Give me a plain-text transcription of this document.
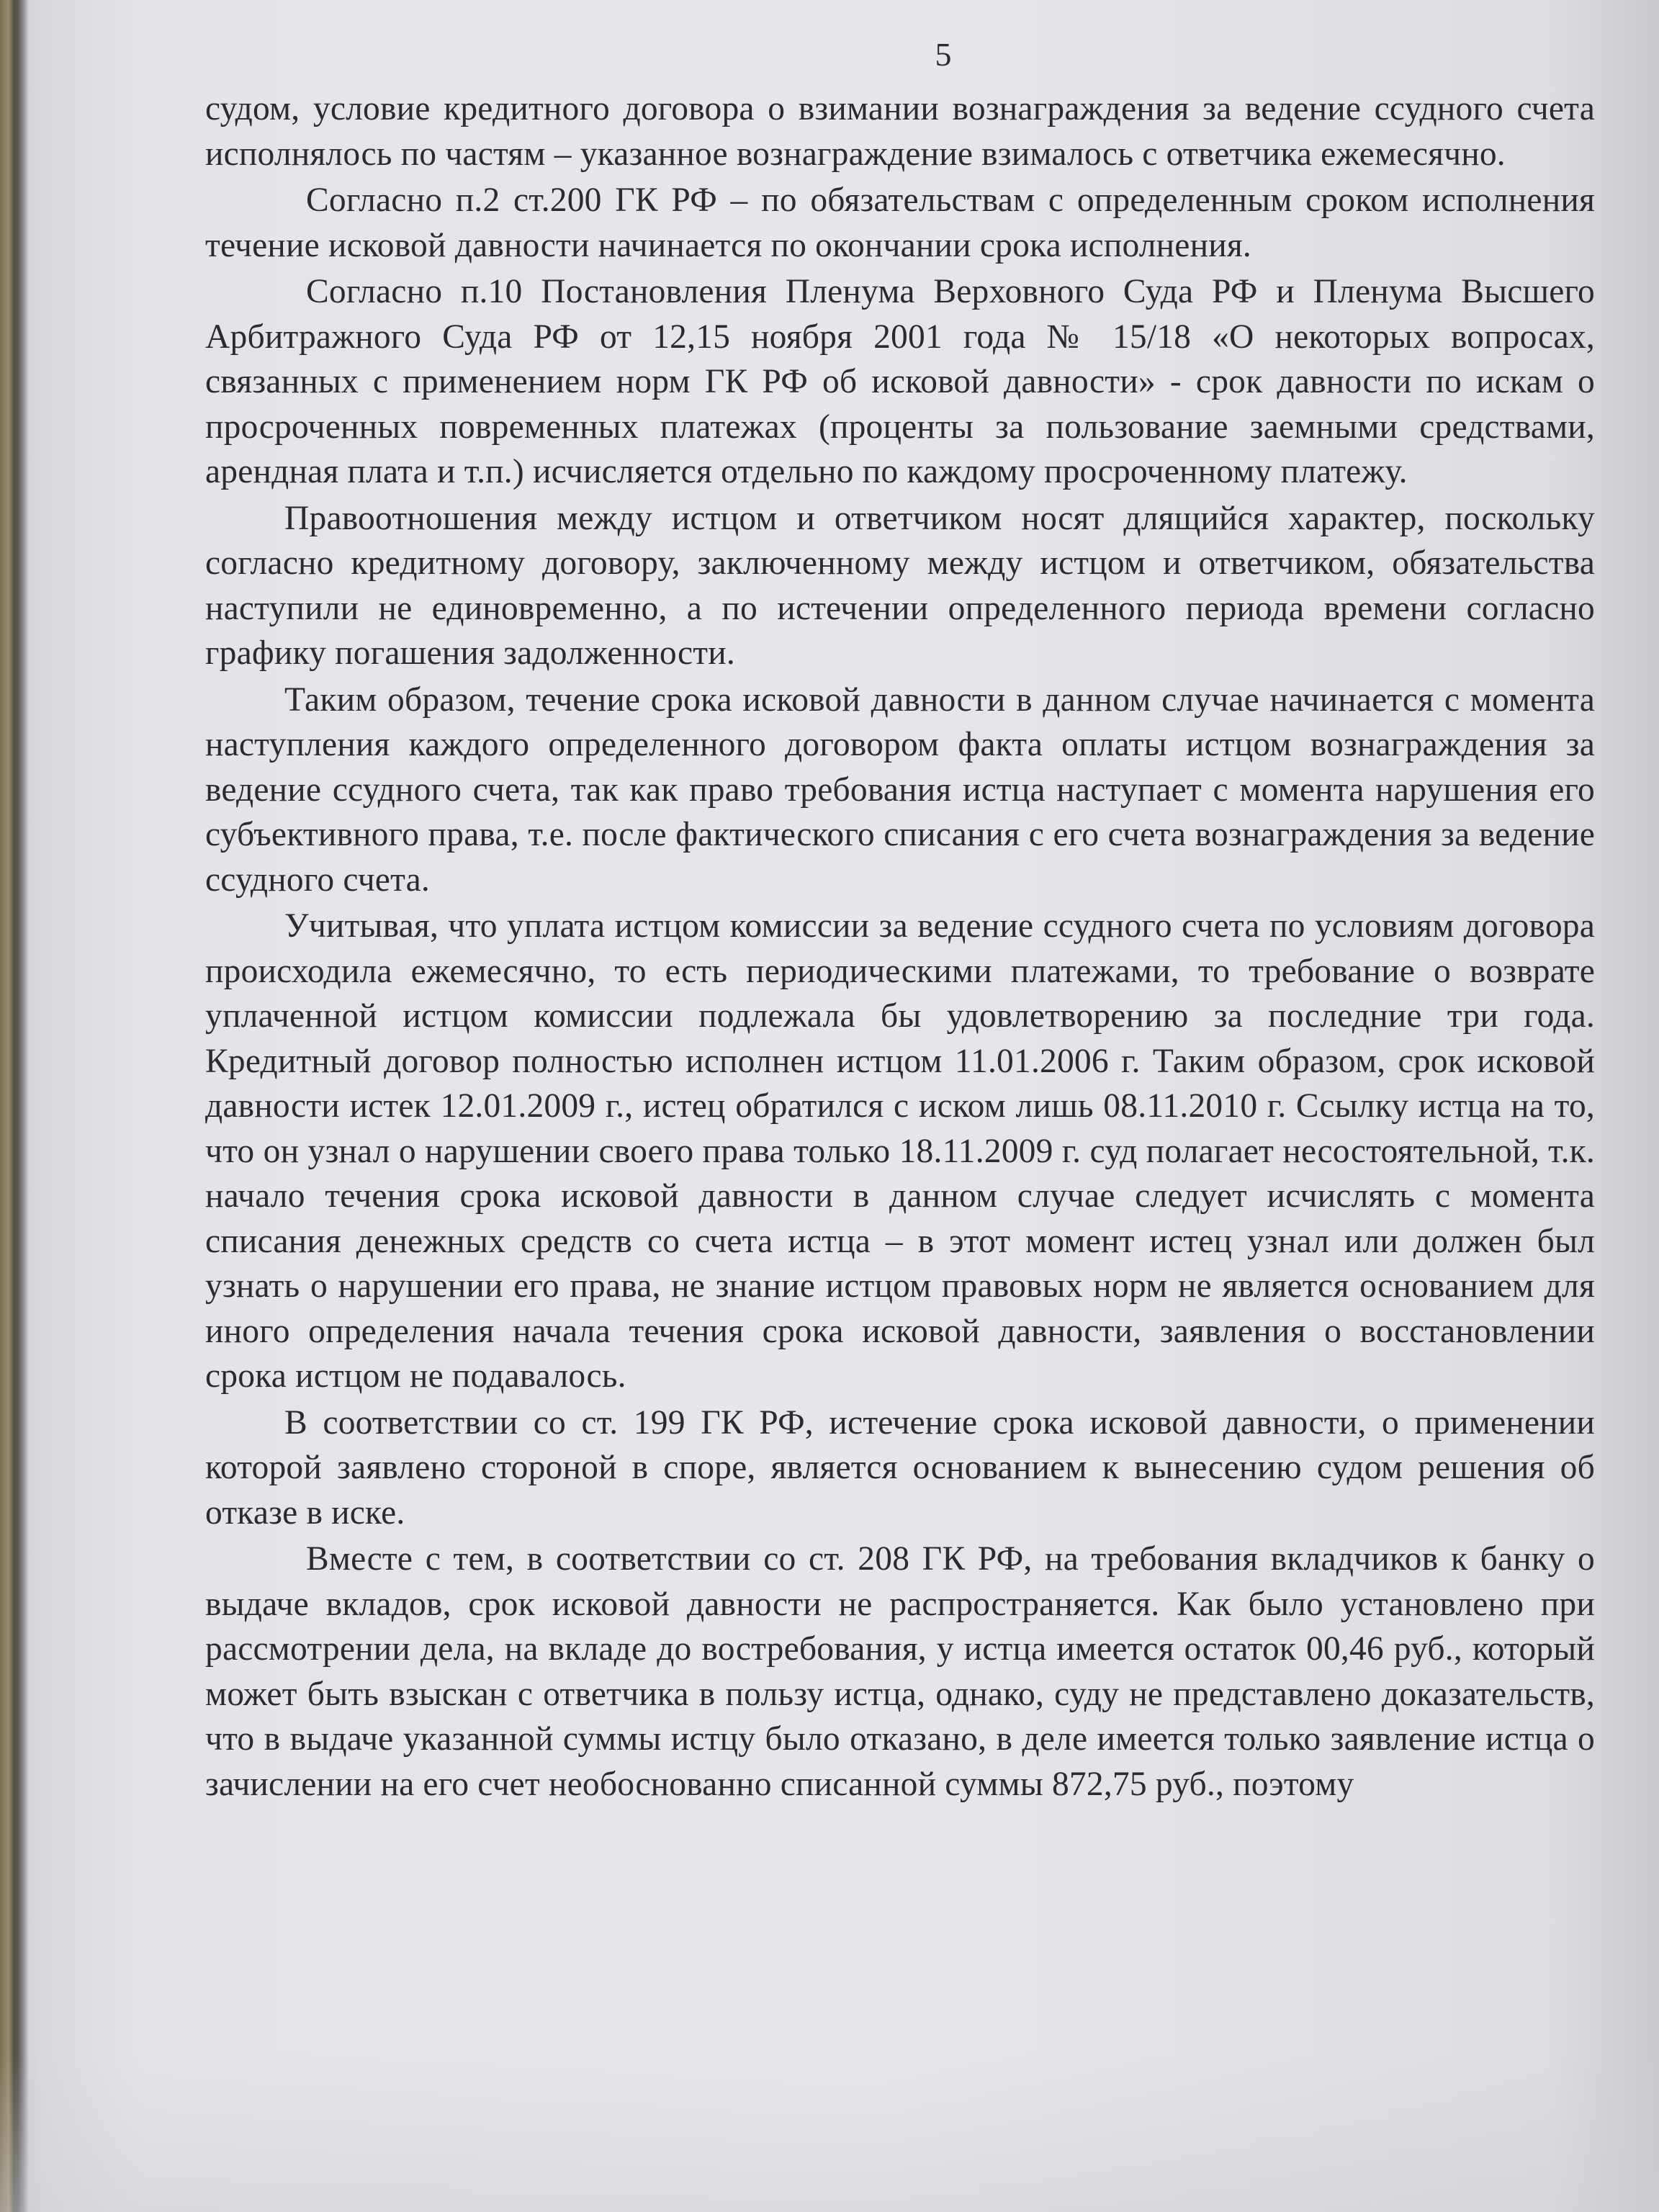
5

судом, условие кредитного договора о взимании вознаграждения за ведение ссудного счета исполнялось по частям – указанное вознаграждение взималось с ответчика ежемесячно.

Согласно п.2 ст.200 ГК РФ – по обязательствам с определенным сроком исполнения течение исковой давности начинается по окончании срока исполнения.

Согласно п.10 Постановления Пленума Верховного Суда РФ и Пленума Высшего Арбитражного Суда РФ от 12,15 ноября 2001 года № 15/18 «О некоторых вопросах, связанных с применением норм ГК РФ об исковой давности» - срок давности по искам о просроченных повременных платежах (проценты за пользование заемными средствами, арендная плата и т.п.) исчисляется отдельно по каждому просроченному платежу.

Правоотношения между истцом и ответчиком носят длящийся характер, поскольку согласно кредитному договору, заключенному между истцом и ответчиком, обязательства наступили не единовременно, а по истечении определенного периода времени согласно графику погашения задолженности.

Таким образом, течение срока исковой давности в данном случае начинается с момента наступления каждого определенного договором факта оплаты истцом вознаграждения за ведение ссудного счета, так как право требования истца наступает с момента нарушения его субъективного права, т.е. после фактического списания с его счета вознаграждения за ведение ссудного счета.

Учитывая, что уплата истцом комиссии за ведение ссудного счета по условиям договора происходила ежемесячно, то есть периодическими платежами, то требование о возврате уплаченной истцом комиссии подлежала бы удовлетворению за последние три года. Кредитный договор полностью исполнен истцом 11.01.2006 г. Таким образом, срок исковой давности истек 12.01.2009 г., истец обратился с иском лишь 08.11.2010 г. Ссылку истца на то, что он узнал о нарушении своего права только 18.11.2009 г. суд полагает несостоятельной, т.к. начало течения срока исковой давности в данном случае следует исчислять с момента списания денежных средств со счета истца – в этот момент истец узнал или должен был узнать о нарушении его права, не знание истцом правовых норм не является основанием для иного определения начала течения срока исковой давности, заявления о восстановлении срока истцом не подавалось.

В соответствии со ст. 199 ГК РФ, истечение срока исковой давности, о применении которой заявлено стороной в споре, является основанием к вынесению судом решения об отказе в иске.

Вместе с тем, в соответствии со ст. 208 ГК РФ, на требования вкладчиков к банку о выдаче вкладов, срок исковой давности не распространяется. Как было установлено при рассмотрении дела, на вкладе до востребования, у истца имеется остаток 00,46 руб., который может быть взыскан с ответчика в пользу истца, однако, суду не представлено доказательств, что в выдаче указанной суммы истцу было отказано, в деле имеется только заявление истца о зачислении на его счет необоснованно списанной суммы 872,75 руб., поэтому
